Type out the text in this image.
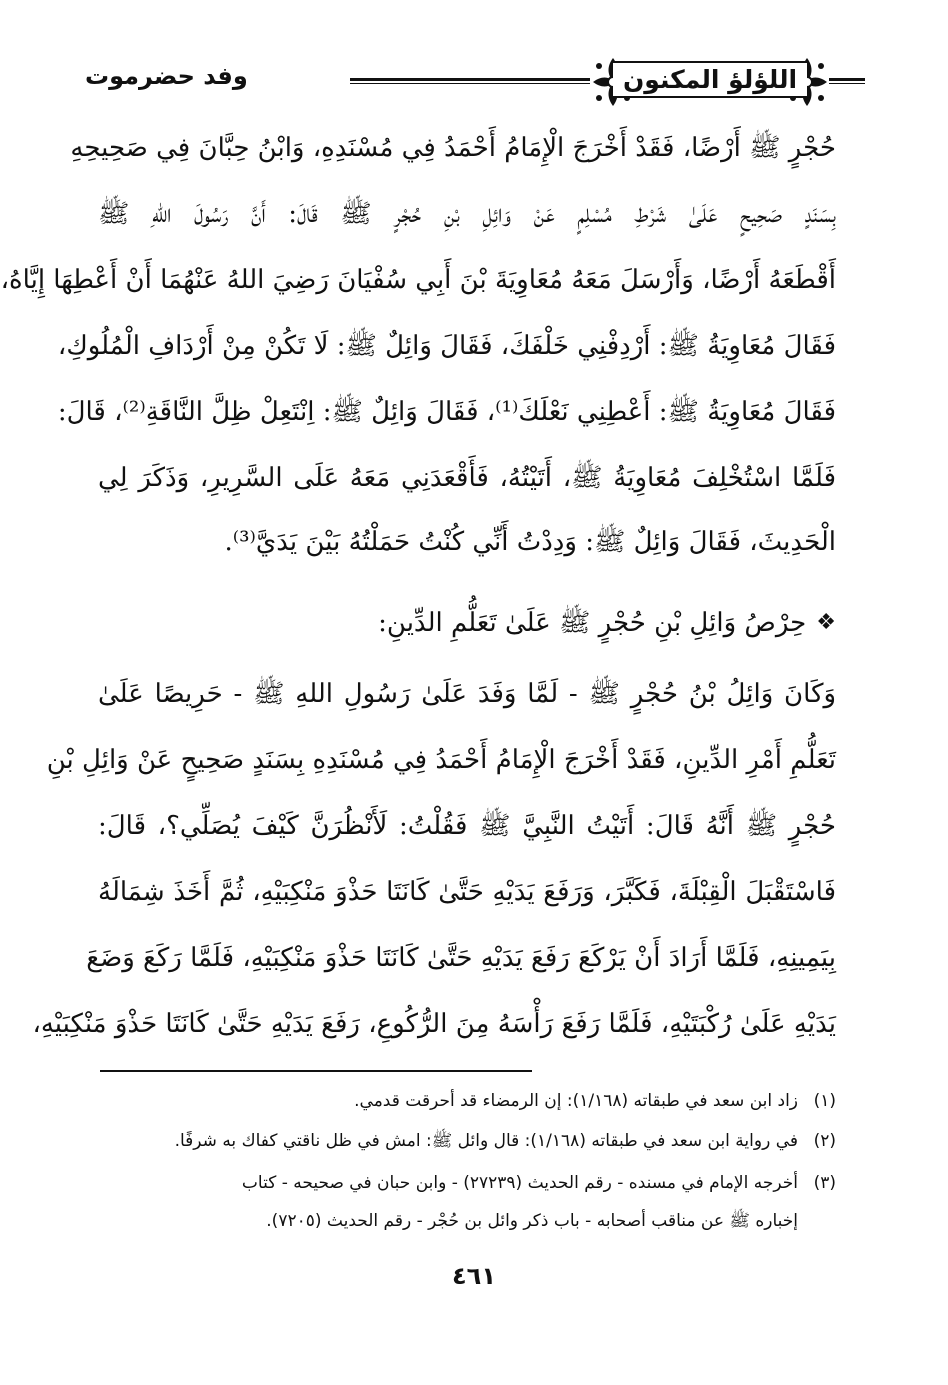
اللؤلؤ المكنون
وفد حضرموت
حُجْرٍ ﷺ أَرْضًا، فَقَدْ أَخْرَجَ الْإِمَامُ أَحْمَدُ فِي مُسْنَدِهِ، وَابْنُ حِبَّانَ فِي صَحِيحِهِ
بِسَنَدٍ صَحِيحٍ عَلَىٰ شَرْطِ مُسْلِمٍ عَنْ وَائِلِ بْنِ حُجْرٍ ﷺ قَالَ: أَنَّ رَسُولَ اللهِ ﷺ
أَقْطَعَهُ أَرْضًا، وَأَرْسَلَ مَعَهُ مُعَاوِيَةَ بْنَ أَبِي سُفْيَانَ رَضِيَ اللهُ عَنْهُمَا أَنْ أَعْطِهَا إِيَّاهُ،
فَقَالَ مُعَاوِيَةُ ﷺ: أَرْدِفْنِي خَلْفَكَ، فَقَالَ وَائِلٌ ﷺ: لَا تَكُنْ مِنْ أَرْدَافِ الْمُلُوكِ،
فَقَالَ مُعَاوِيَةُ ﷺ: أَعْطِنِي نَعْلَكَ⁽¹⁾، فَقَالَ وَائِلٌ ﷺ: اِنْتَعِلْ ظِلَّ النَّاقَةِ⁽²⁾، قَالَ:
فَلَمَّا اسْتُخْلِفَ مُعَاوِيَةُ ﷺ، أَتَيْتُهُ، فَأَقْعَدَنِي مَعَهُ عَلَى السَّرِيرِ، وَذَكَرَ لِي
الْحَدِيثَ، فَقَالَ وَائِلٌ ﷺ: وَدِدْتُ أَنِّي كُنْتُ حَمَلْتُهُ بَيْنَ يَدَيَّ⁽³⁾.
❖
حِرْصُ وَائِلِ بْنِ حُجْرٍ ﷺ عَلَىٰ تَعَلُّمِ الدِّينِ:
وَكَانَ وَائِلُ بْنُ حُجْرٍ ﷺ - لَمَّا وَفَدَ عَلَىٰ رَسُولِ اللهِ ﷺ - حَرِيصًا عَلَىٰ
تَعَلُّمِ أَمْرِ الدِّينِ، فَقَدْ أَخْرَجَ الْإِمَامُ أَحْمَدُ فِي مُسْنَدِهِ بِسَنَدٍ صَحِيحٍ عَنْ وَائِلِ بْنِ
حُجْرٍ ﷺ أَنَّهُ قَالَ: أَتَيْتُ النَّبِيَّ ﷺ فَقُلْتُ: لَأَنْظُرَنَّ كَيْفَ يُصَلِّي؟، قَالَ:
فَاسْتَقْبَلَ الْقِبْلَةَ، فَكَبَّرَ، وَرَفَعَ يَدَيْهِ حَتَّىٰ كَانَتَا حَذْوَ مَنْكِبَيْهِ، ثُمَّ أَخَذَ شِمَالَهُ
بِيَمِينِهِ، فَلَمَّا أَرَادَ أَنْ يَرْكَعَ رَفَعَ يَدَيْهِ حَتَّىٰ كَانَتَا حَذْوَ مَنْكِبَيْهِ، فَلَمَّا رَكَعَ وَضَعَ
يَدَيْهِ عَلَىٰ رُكْبَتَيْهِ، فَلَمَّا رَفَعَ رَأْسَهُ مِنَ الرُّكُوعِ، رَفَعَ يَدَيْهِ حَتَّىٰ كَانَتَا حَذْوَ مَنْكِبَيْهِ،
(١)
زاد ابن سعد في طبقاته (١/١٦٨): إن الرمضاء قد أحرقت قدمي.
(٢)
في رواية ابن سعد في طبقاته (١/١٦٨): قال وائل ﷺ: امش في ظل ناقتي كفاك به شرفًا.
(٣)
أخرجه الإمام في مسنده - رقم الحديث (٢٧٢٣٩) - وابن حبان في صحيحه - كتاب
إخباره ﷺ عن مناقب أصحابه - باب ذكر وائل بن حُجْر - رقم الحديث (٧٢٠٥).
٤٦١
